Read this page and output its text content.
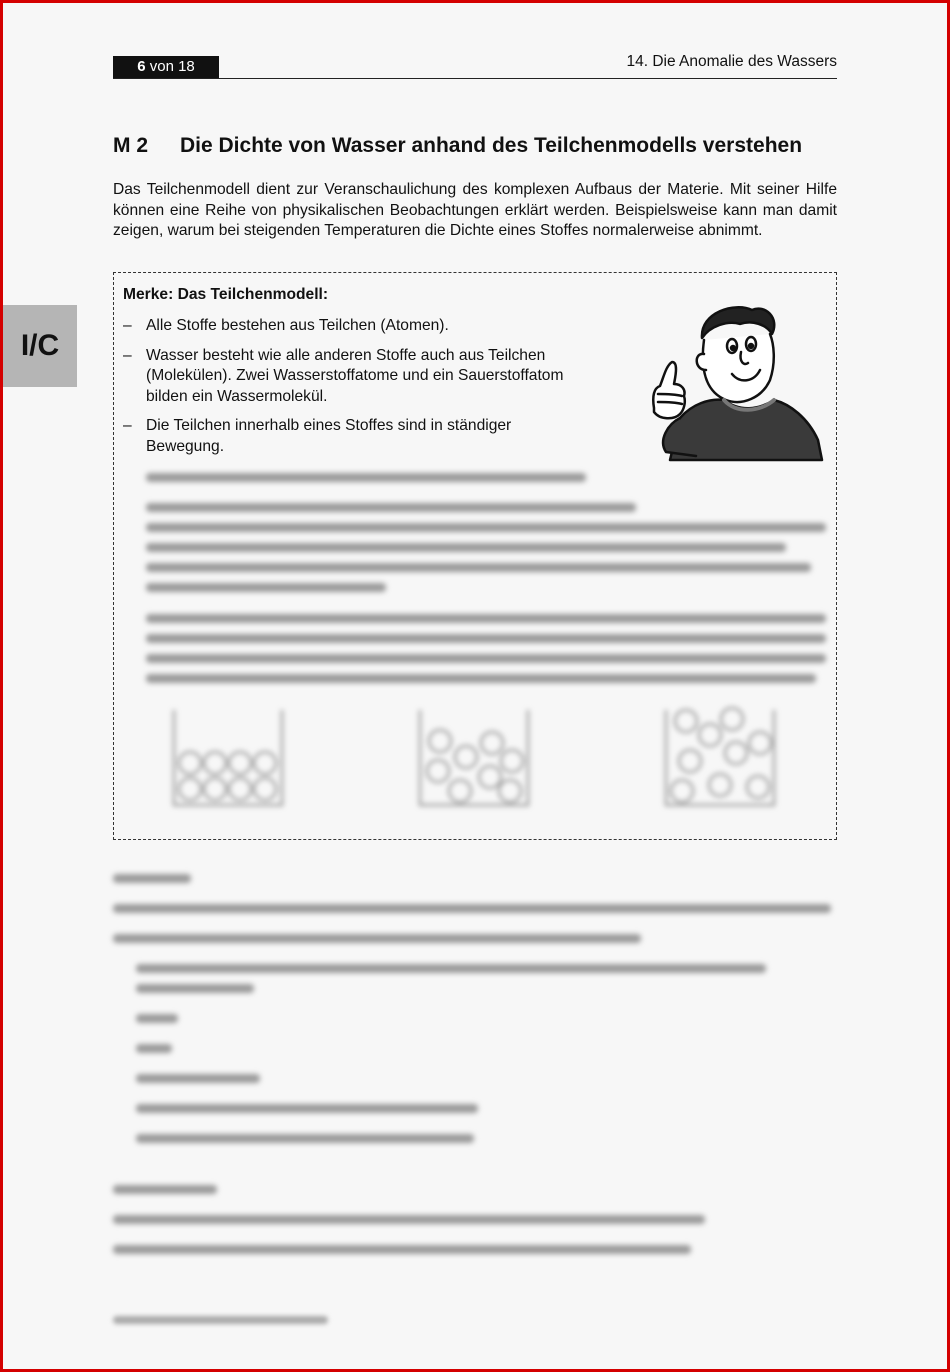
6 von 18	14. Die Anomalie des Wassers
I/C
M 2 Die Dichte von Wasser anhand des Teilchenmodells verstehen
Das Teilchenmodell dient zur Veranschaulichung des komplexen Aufbaus der Materie. Mit seiner Hilfe können eine Reihe von physikalischen Beobachtungen erklärt werden. Beispielsweise kann man damit zeigen, warum bei steigenden Temperaturen die Dichte eines Stoffes normalerweise abnimmt.
Merke: Das Teilchenmodell:
– Alle Stoffe bestehen aus Teilchen (Atomen).
– Wasser besteht wie alle anderen Stoffe auch aus Teilchen (Molekülen). Zwei Wasserstoffatome und ein Sauerstoffatom bilden ein Wassermolekül.
– Die Teilchen innerhalb eines Stoffes sind in ständiger Bewegung.
